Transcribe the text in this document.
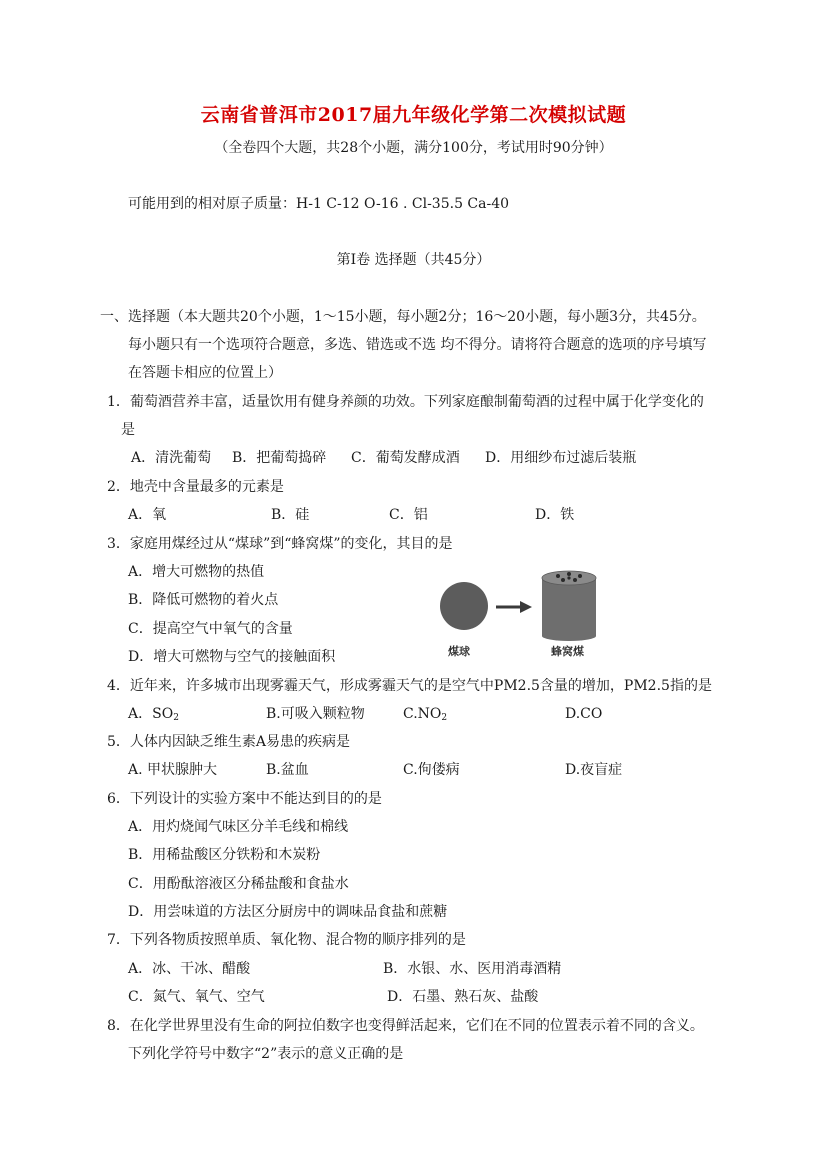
云南省普洱市2017届九年级化学第二次模拟试题
（全卷四个大题，共28个小题，满分100分，考试用时90分钟）
可能用到的相对原子质量：H-1 C-12 O-16 . Cl-35.5 Ca-40
第Ⅰ卷 选择题（共45分）
一、选择题（本大题共20个小题，1～15小题，每小题2分；16～20小题，每小题3分，共45分。
每小题只有一个选项符合题意，多选、错选或不选 均不得分。请将符合题意的选项的序号填写
在答题卡相应的位置上）
1．葡萄酒营养丰富，适量饮用有健身养颜的功效。下列家庭酿制葡萄酒的过程中属于化学变化的
是
A．清洗葡萄 B．把葡萄捣碎 C．葡萄发酵成酒 D．用细纱布过滤后装瓶
2．地壳中含量最多的元素是
A．氧	B．硅	C．铝	D．铁
3．家庭用煤经过从“煤球”到“蜂窝煤”的变化，其目的是
A．增大可燃物的热值
B．降低可燃物的着火点
C．提高空气中氧气的含量
D．增大可燃物与空气的接触面积	煤球	蜂窝煤
4．近年来，许多城市出现雾霾天气，形成雾霾天气的是空气中PM2.5含量的增加，PM2.5指的是
A．$SO_2$	B.可吸入颗粒物	$C.NO_2$	D.CO
5．人体内因缺乏维生素A易患的疾病是
A. 甲状腺肿大	B.盆血	C.佝偻病	D.夜盲症
6．下列设计的实验方案中不能达到目的的是
A．用灼烧闻气味区分羊毛线和棉线
B．用稀盐酸区分铁粉和木炭粉
C．用酚酞溶液区分稀盐酸和食盐水
D．用尝味道的方法区分厨房中的调味品食盐和蔗糖
7．下列各物质按照单质、氧化物、混合物的顺序排列的是
A．冰、干冰、醋酸	B．水银、水、医用消毒酒精
C．氮气、氧气、空气	D．石墨、熟石灰、盐酸
8．在化学世界里没有生命的阿拉伯数字也变得鲜活起来，它们在不同的位置表示着不同的含义。
下列化学符号中数字“2”表示的意义正确的是
